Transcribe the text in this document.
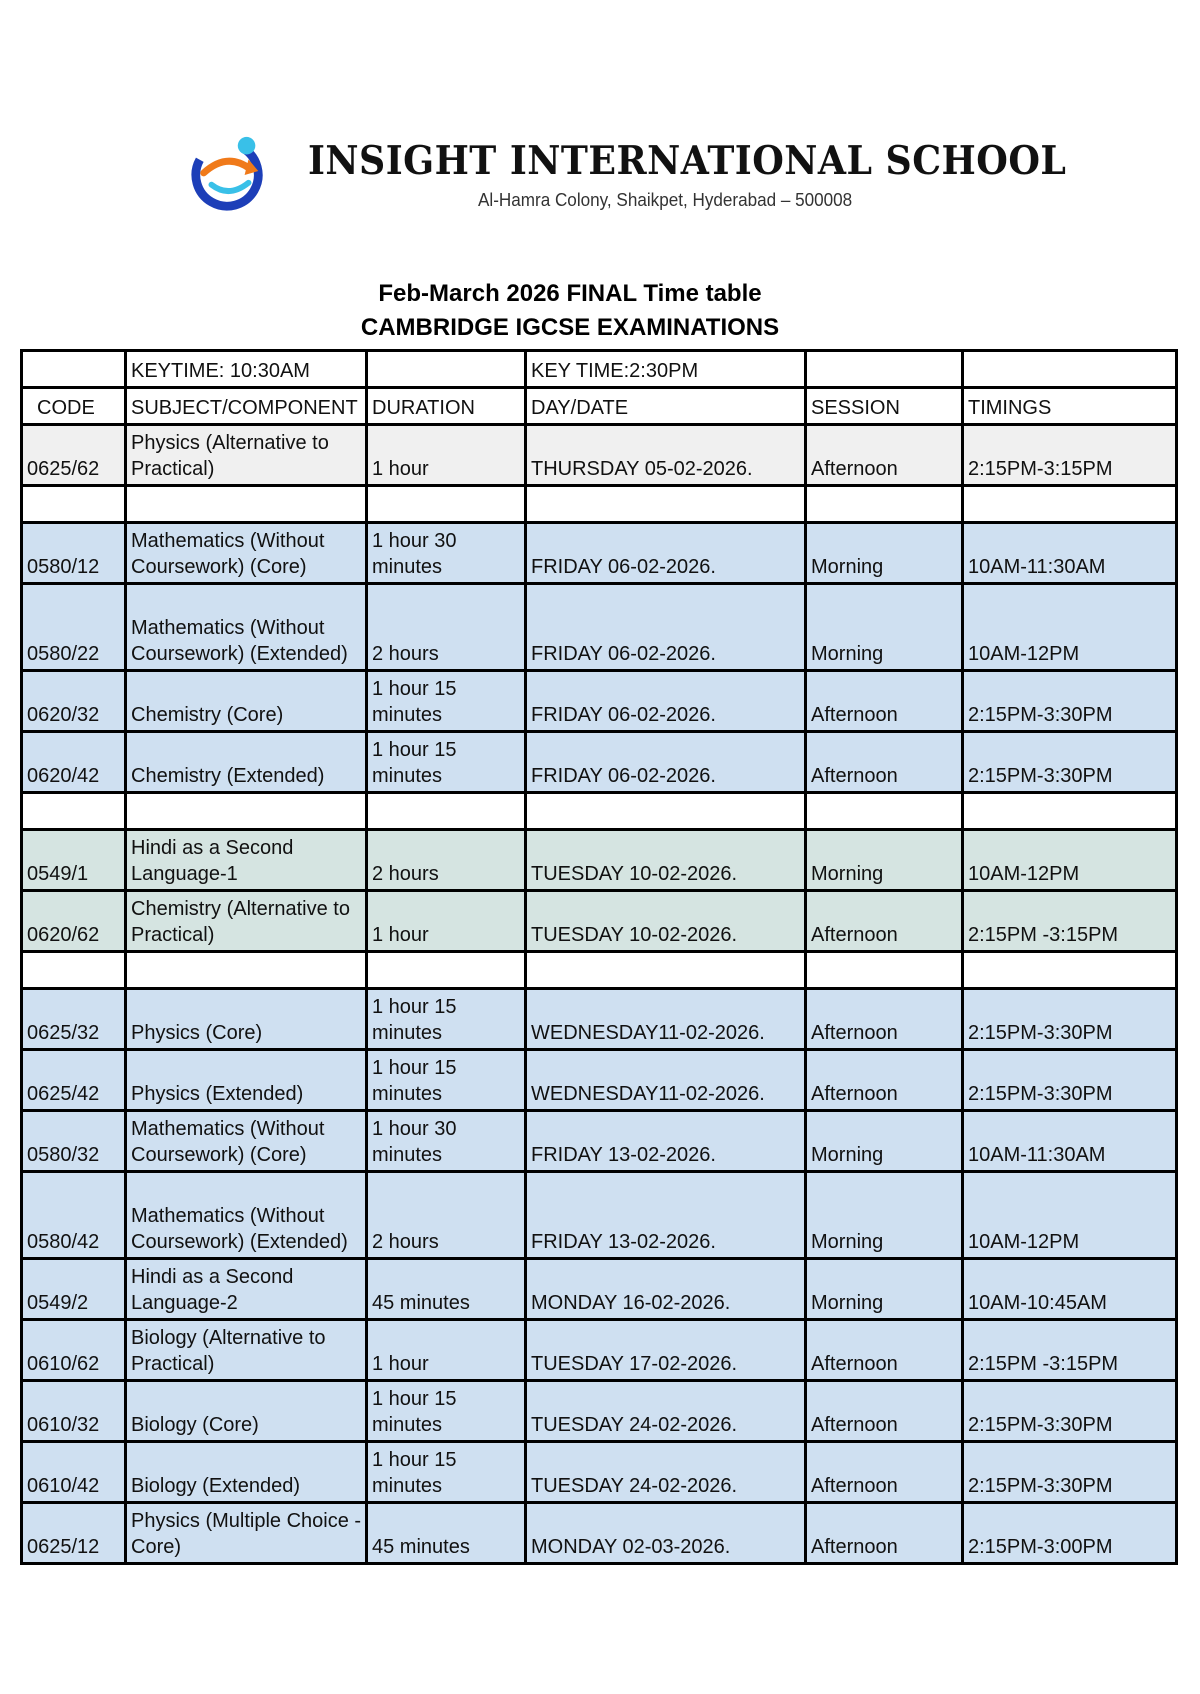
INSIGHT INTERNATIONAL SCHOOL
Al-Hamra Colony, Shaikpet, Hyderabad – 500008
Feb-March 2026 FINAL Time table
CAMBRIDGE IGCSE EXAMINATIONS
	KEYTIME: 10:30AM		KEY TIME:2:30PM		
CODE	SUBJECT/COMPONENT	DURATION	DAY/DATE	SESSION	TIMINGS
0625/62	Physics (Alternative to Practical)	1 hour	THURSDAY 05-02-2026.	Afternoon	2:15PM-3:15PM

0580/12	Mathematics (Without Coursework) (Core)	1 hour 30 minutes	FRIDAY 06-02-2026.	Morning	10AM-11:30AM
0580/22	Mathematics (Without Coursework) (Extended)	2 hours	FRIDAY 06-02-2026.	Morning	10AM-12PM
0620/32	Chemistry (Core)	1 hour 15 minutes	FRIDAY 06-02-2026.	Afternoon	2:15PM-3:30PM
0620/42	Chemistry (Extended)	1 hour 15 minutes	FRIDAY 06-02-2026.	Afternoon	2:15PM-3:30PM

0549/1	Hindi as a Second Language-1	2 hours	TUESDAY 10-02-2026.	Morning	10AM-12PM
0620/62	Chemistry (Alternative to Practical)	1 hour	TUESDAY 10-02-2026.	Afternoon	2:15PM -3:15PM

0625/32	Physics (Core)	1 hour 15 minutes	WEDNESDAY11-02-2026.	Afternoon	2:15PM-3:30PM
0625/42	Physics (Extended)	1 hour 15 minutes	WEDNESDAY11-02-2026.	Afternoon	2:15PM-3:30PM
0580/32	Mathematics (Without Coursework) (Core)	1 hour 30 minutes	FRIDAY 13-02-2026.	Morning	10AM-11:30AM
0580/42	Mathematics (Without Coursework) (Extended)	2 hours	FRIDAY 13-02-2026.	Morning	10AM-12PM
0549/2	Hindi as a Second Language-2	45 minutes	MONDAY 16-02-2026.	Morning	10AM-10:45AM
0610/62	Biology (Alternative to Practical)	1 hour	TUESDAY 17-02-2026.	Afternoon	2:15PM -3:15PM
0610/32	Biology (Core)	1 hour 15 minutes	TUESDAY 24-02-2026.	Afternoon	2:15PM-3:30PM
0610/42	Biology (Extended)	1 hour 15 minutes	TUESDAY 24-02-2026.	Afternoon	2:15PM-3:30PM
0625/12	Physics (Multiple Choice - Core)	45 minutes	MONDAY 02-03-2026.	Afternoon	2:15PM-3:00PM
